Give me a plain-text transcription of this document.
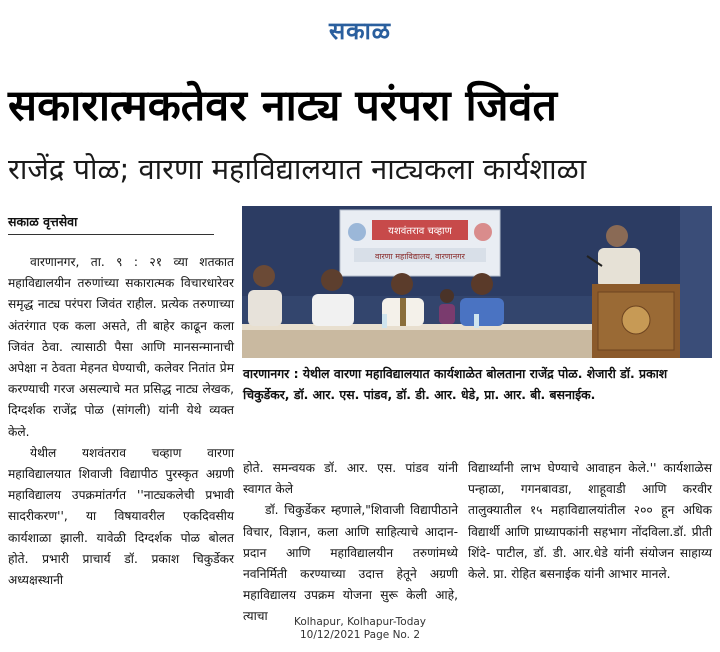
सकाळ
सकारात्मकतेवर नाट्य परंपरा जिवंत
राजेंद्र पोळ; वारणा महाविद्यालयात नाट्यकला कार्यशाळा
सकाळ वृत्तसेवा

वारणानगर, ता. ९ : २१ व्या शतकात महाविद्यालयीन तरुणांच्या सकारात्मक विचारधारेवर समृद्ध नाट्य परंपरा जिवंत राहील. प्रत्येक तरुणाच्या अंतरंगात एक कला असते, ती बाहेर काढून कला जिवंत ठेवा. त्यासाठी पैसा आणि मानसन्मानाची अपेक्षा न ठेवता मेहनत घेण्याची, कलेवर नितांत प्रेम करण्याची गरज असल्याचे मत प्रसिद्ध नाट्य लेखक, दिग्दर्शक राजेंद्र पोळ (सांगली) यांनी येथे व्यक्त केले.

येथील यशवंतराव चव्हाण वारणा महाविद्यालयात शिवाजी विद्यापीठ पुरस्कृत अग्रणी महाविद्यालय उपक्रमांतर्गत ''नाट्यकलेची प्रभावी सादरीकरण'', या विषयावरील एकदिवसीय कार्यशाळा झाली. यावेळी दिग्दर्शक पोळ बोलत होते. प्रभारी प्राचार्य डॉ. प्रकाश चिकुर्डेकर अध्यक्षस्थानी

यशवंतराव चव्हाण
वारणा महाविद्यालय, वारणानगर
वारणानगर : येथील वारणा महाविद्यालयात कार्यशाळेत बोलताना राजेंद्र पोळ. शेजारी डॉ. प्रकाश चिकुर्डेकर, डॉ. आर. एस. पांडव, डॉ. डी. आर. धेडे, प्रा. आर. बी. बसनाईक.

होते. समन्वयक डॉ. आर. एस. पांडव यांनी स्वागत केले

डॉ. चिकुर्डेकर म्हणाले,"शिवाजी विद्यापीठाने विचार, विज्ञान, कला आणि साहित्याचे आदान-प्रदान आणि महाविद्यालयीन तरुणांमध्ये नवनिर्मिती करण्याच्या उदात्त हेतूने अग्रणी महाविद्यालय उपक्रम योजना सुरू केली आहे, त्याचा

विद्यार्थ्यांनी लाभ घेण्याचे आवाहन केले.'' कार्यशाळेस पन्हाळा, गगनबावडा, शाहूवाडी आणि करवीर तालुक्यातील १५ महाविद्यालयांतील २०० हून अधिक विद्यार्थी आणि प्राध्यापकांनी सहभाग नोंदविला.डॉ. प्रीती शिंदे- पाटील, डॉ. डी. आर.धेडे यांनी संयोजन साहाय्य केले. प्रा. रोहित बसनाईक यांनी आभार मानले.

Kolhapur, Kolhapur-Today
10/12/2021 Page No. 2
